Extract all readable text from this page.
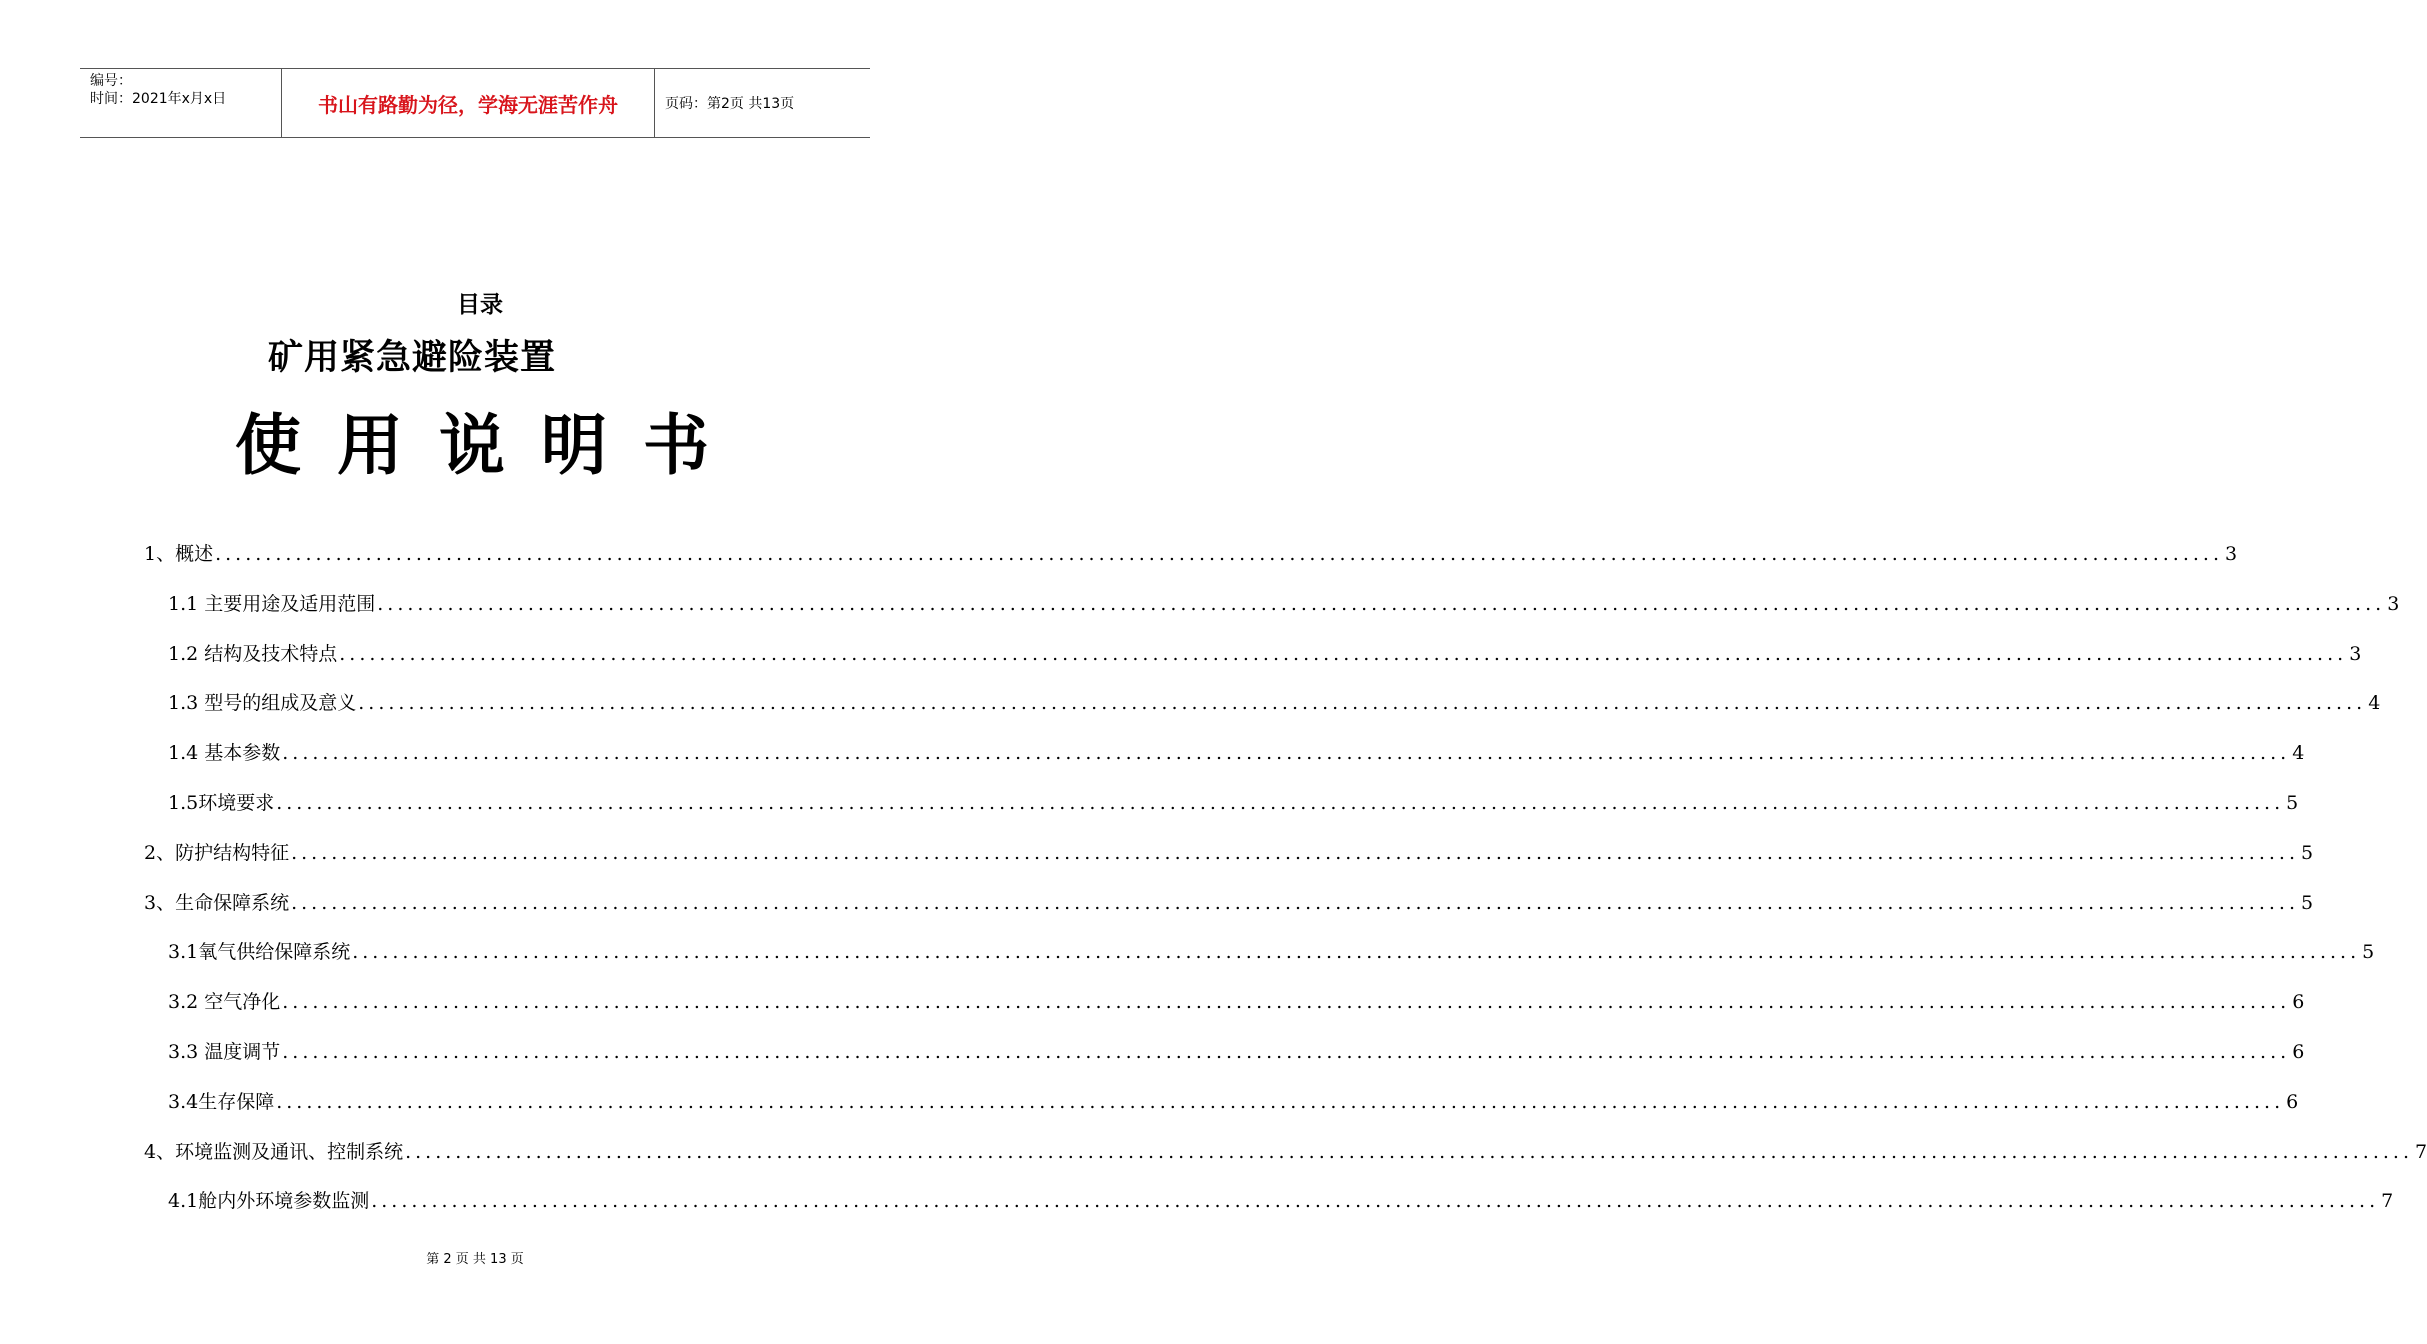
编号：
时间：2021年x月x日	书山有路勤为径，学海无涯苦作舟	页码：第2页 共13页
目录
矿用紧急避险装置
使用说明书
1、概述 ........................................................................................................................................................................................................ 3
1.1 主要用途及适用范围 ........................................................................................................................................................................................................ 3
1.2 结构及技术特点 ........................................................................................................................................................................................................ 3
1.3 型号的组成及意义 ........................................................................................................................................................................................................ 4
1.4 基本参数 ........................................................................................................................................................................................................ 4
1.5环境要求 ........................................................................................................................................................................................................ 5
2、防护结构特征 ........................................................................................................................................................................................................ 5
3、生命保障系统 ........................................................................................................................................................................................................ 5
3.1氧气供给保障系统 ........................................................................................................................................................................................................ 5
3.2 空气净化 ........................................................................................................................................................................................................ 6
3.3 温度调节 ........................................................................................................................................................................................................ 6
3.4生存保障 ........................................................................................................................................................................................................ 6
4、环境监测及通讯、控制系统 ........................................................................................................................................................................................................ 7
4.1舱内外环境参数监测 ........................................................................................................................................................................................................ 7
第 2 页 共 13 页
